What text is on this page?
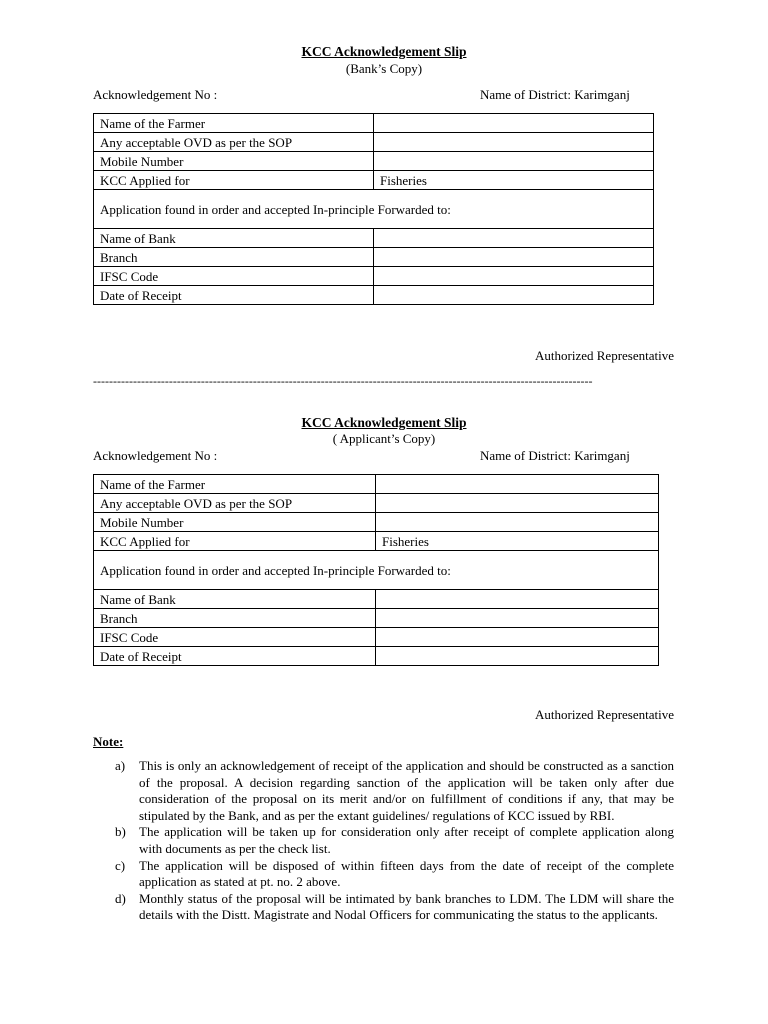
KCC Acknowledgement Slip
(Bank’s Copy)
Acknowledgement No :	Name of District: Karimganj
Name of the Farmer	
Any acceptable OVD as per the SOP	
Mobile Number	
KCC Applied for	Fisheries
Application found in order and accepted In-principle Forwarded to:	
Name of Bank	
Branch	
IFSC Code	
Date of Receipt	
Authorized Representative
-----------------------------------------------------------------------------------------------------------------------------
KCC Acknowledgement Slip
( Applicant’s Copy)
Acknowledgement No :	Name of District: Karimganj
Name of the Farmer	
Any acceptable OVD as per the SOP	
Mobile Number	
KCC Applied for	Fisheries
Application found in order and accepted In-principle Forwarded to:	
Name of Bank	
Branch	
IFSC Code	
Date of Receipt	
Authorized Representative
Note:
a)	This is only an acknowledgement of receipt of the application and should be constructed as a sanction of the proposal. A decision regarding sanction of the application will be taken only after due consideration of the proposal on its merit and/or on fulfillment of conditions if any, that may be stipulated by the Bank, and as per the extant guidelines/ regulations of KCC issued by RBI.
b)	The application will be taken up for consideration only after receipt of complete application along with documents as per the check list.
c)	The application will be disposed of within fifteen days from the date of receipt of the complete application as stated at pt. no. 2 above.
d)	Monthly status of the proposal will be intimated by bank branches to LDM. The LDM will share the details with the Distt. Magistrate and Nodal Officers for communicating the status to the applicants.
